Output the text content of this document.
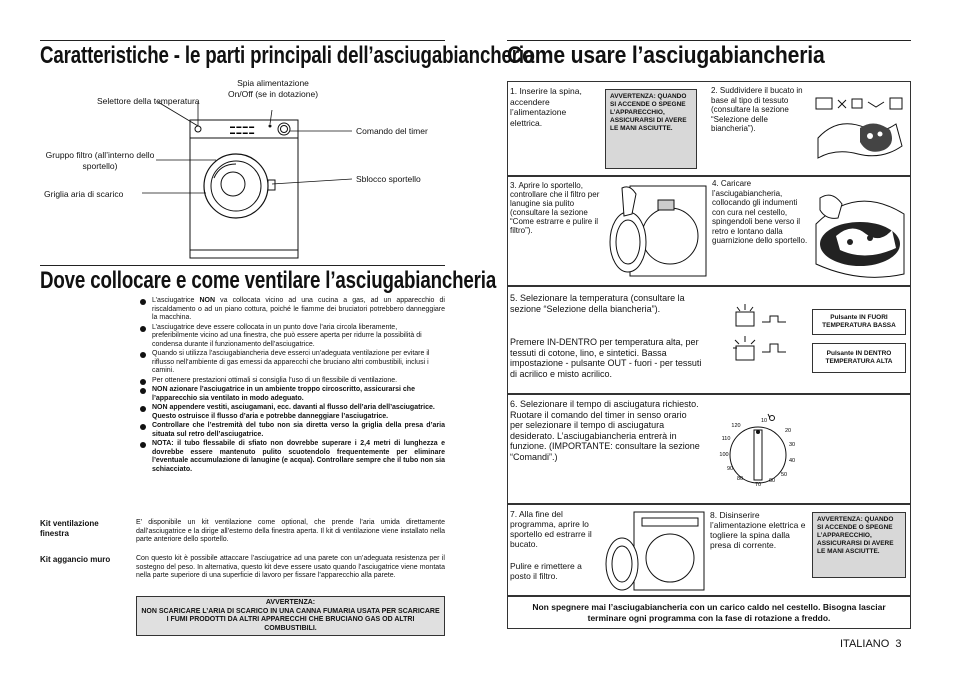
Caratteristiche - le parti principali dell’asciugabiancheria
Selettore della temperatura
Spia alimentazione On/Off (se in dotazione)
Comando del timer
Gruppo filtro (all’interno dello sportello)
Sblocco sportello
Griglia aria di scarico
▬ ▬ ▬ ▬
▬ ▬ ▬ ▬
Dove collocare e come ventilare l’asciugabiancheria
L’asciugatrice NON va collocata vicino ad una cucina a gas, ad un apparecchio di riscaldamento o ad un piano cottura, poiché le fiamme dei bruciatori potrebbero danneggiare la macchina.
L’asciugatrice deve essere collocata in un punto dove l’aria circola liberamente, preferibilmente vicino ad una finestra, che può essere aperta per ridurre la possibilità di condensa durante il funzionamento dell’asciugatrice.
Quando si utilizza l’asciugabiancheria deve esserci un’adeguata ventilazione per evitare il riflusso nell’ambiente di gas emessi da apparecchi che bruciano altri combustibili, inclusi i camini.
Per ottenere prestazioni ottimali si consiglia l’uso di un flessibile di ventilazione.
NON azionare l’asciugatrice in un ambiente troppo circoscritto, assicurarsi che l’apparecchio sia ventilato in modo adeguato.
NON appendere vestiti, asciugamani, ecc. davanti al flusso dell’aria dell’asciugatrice. Questo ostruisce il flusso d’aria e potrebbe danneggiare l’asciugatrice.
Controllare che l’estremità del tubo non sia diretta verso la griglia della presa d’aria situata sul retro dell’asciugatrice.
NOTA: il tubo flessabile di sfiato non dovrebbe superare i 2,4 metri di lunghezza e dovrebbe essere mantenuto pulito scuotendolo frequentemente per eliminare l’eventuale accumulazione di lanugine (e acqua). Controllare sempre che il tubo non sia schiacciato.
Kit ventilazione finestra
E’ disponibile un kit ventilazione come optional, che prende l’aria umida direttamente dall’asciugatrice e la dirige all’esterno della finestra aperta. Il kit di ventilazione viene installato nella parte anteriore dello sportello.
Kit aggancio muro	Con questo kit è possibile attaccare l’asciugatrice ad una parete con un’adeguata resistenza per il sostegno del peso. In alternativa, questo kit deve essere usato quando l’asciugatrice viene montata nella parte superiore di una superficie di lavoro per fissare l’apparecchio alla parete.
AVVERTENZA:
NON SCARICARE L’ARIA DI SCARICO IN UNA CANNA FUMARIA USATA PER SCARICARE I FUMI PRODOTTI DA ALTRI APPARECCHI CHE BRUCIANO GAS OD ALTRI COMBUSTIBILI.
Come usare l’asciugabiancheria
1. Inserire la spina, accendere l’alimentazione elettrica.
AVVERTENZA: QUANDO SI ACCENDE O SPEGNE L’APPARECCHIO, ASSICURARSI DI AVERE LE MANI ASCIUTTE.
2. Suddividere il bucato in base al tipo di tessuto (consultare la sezione “Selezione delle biancheria”).
3. Aprire lo sportello, controllare che il filtro per lanugine sia pulito (consultare la sezione “Come estrarre e pulire il filtro”).
4. Caricare l’asciugabiancheria, collocando gli indumenti con cura nel cestello, spingendoli bene verso il retro e lontano dalla guarnizione dello sportello.
5. Selezionare la temperatura (consultare la sezione “Selezione della biancheria”).
Premere IN-DENTRO per temperatura alta, per tessuti di cotone, lino, e sintetici. Bassa impostazione - pulsante OUT - fuori - per tessuti di acrilico e misto acrilico.
Pulsante IN FUORI TEMPERATURA BASSA
Pulsante IN DENTRO TEMPERATURA ALTA
6. Selezionare il tempo di asciugatura richiesto. Ruotare il comando del timer in senso orario per selezionare il tempo di asciugatura desiderato. L’asciugabiancheria entrerà in funzione. (IMPORTANTE: consultare la sezione “Comandi”.)
120
10
20
110
30
100
40
90
50
80
70
60
7. Alla fine del programma, aprire lo sportello ed estrarre il bucato.
Pulire e rimettere a posto il filtro.
8. Disinserire l’alimentazione elettrica e togliere la spina dalla presa di corrente.
AVVERTENZA: QUANDO SI ACCENDE O SPEGNE L’APPARECCHIO, ASSICURARSI DI AVERE LE MANI ASCIUTTE.
Non spegnere mai l’asciugabiancheria con un carico caldo nel cestello. Bisogna lasciar terminare ogni programma con la fase di rotazione a freddo.
ITALIANO  3
